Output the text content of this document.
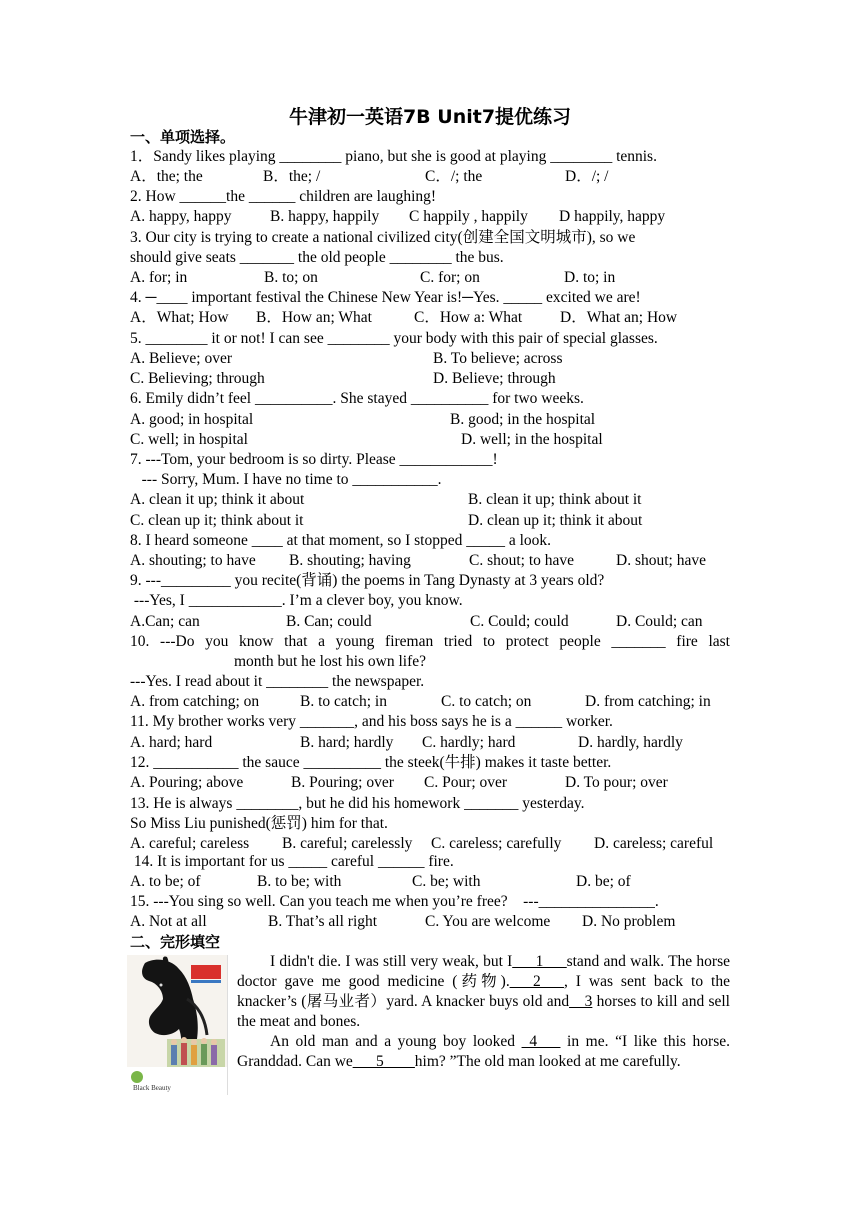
牛津初一英语7B Unit7提优练习
一、单项选择。
1．Sandy likes playing ________ piano, but she is good at playing ________ tennis.
A．the; the	B．the; /	C．/; the	D．/; /
2. How ______the ______ children are laughing!
A. happy, happy B. happy, happily C happily , happily D happily, happy
3. Our city is trying to create a national civilized city(创建全国文明城市), so we
should give seats _______ the old people ________ the bus.
A. for; in	B. to; on	C. for; on	D. to; in
4. ─____ important festival the Chinese New Year is!─Yes. _____ excited we are!
A．What; How B．How an; What	C．How a: What D．What an; How
5. ________ it or not! I can see ________ your body with this pair of special glasses.
A. Believe; over	B. To believe; across
C. Believing; through	D. Believe; through
6. Emily didn’t feel __________. She stayed __________ for two weeks.
A. good; in hospital	B. good; in the hospital
C. well; in hospital	D. well; in the hospital
7. ---Tom, your bedroom is so dirty. Please ____________!
--- Sorry, Mum. I have no time to ___________.
A. clean it up; think it about	B. clean it up; think about it
C. clean up it; think about it	D. clean up it; think it about
8. I heard someone ____ at that moment, so I stopped _____ a look.
A. shouting; to have B. shouting; having	C. shout; to have	D. shout; have
9. ---_________ you recite(背诵) the poems in Tang Dynasty at 3 years old?
---Yes, I ____________. I’m a clever boy, you know.
A.Can; can	B. Can; could	C. Could; could	D. Could; can
10. ---Do you know that a young fireman tried to protect people _______ fire last
month but he lost his own life?
---Yes. I read about it ________ the newspaper.
A. from catching; on	B. to catch; in	C. to catch; on	D. from catching; in
11. My brother works very _______, and his boss says he is a ______ worker.
A. hard; hard	B. hard; hardly C. hardly; hard	D. hardly, hardly
12. ___________ the sauce __________ the steek(牛排) makes it taste better.
A. Pouring; above	B. Pouring; over C. Pour; over	D. To pour; over
13. He is always ________, but he did his homework _______ yesterday.
So Miss Liu punished(惩罚) him for that.
A. careful; careless B. careful; carelessly C. careless; carefully D. careless; careful
14. It is important for us _____ careful ______ fire.
A. to be; of	B. to be; with	C. be; with	D. be; of
15. ---You sing so well. Can you teach me when you’re free?    ---_______________.
A. Not at all	B. That’s all right	C. You are welcome D. No problem
二、完形填空
Black Beauty

I didn't die. I was still very weak, but I___1___stand and walk. The horse doctor gave me good medicine (药物).___2___, I was sent back to the knacker’s (屠马业者）yard. A knacker buys old and__3 horses to kill and sell the meat and bones.

An old man and a young boy looked _4___ in me. “I like this horse. Granddad. Can we___5____him? ”The old man looked at me carefully.
